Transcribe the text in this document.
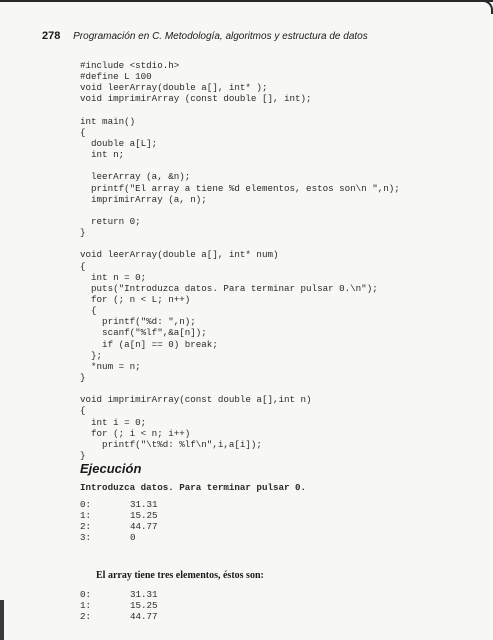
278 Programación en C. Metodología, algoritmos y estructura de datos
#include <stdio.h>
#define L 100
void leerArray(double a[], int* );
void imprimirArray (const double [], int);
int main()
{
double a[L];
int n;
leerArray (a, &n);
printf("El array a tiene %d elementos, estos son\n ",n);
imprimirArray (a, n);
return 0;
}
void leerArray(double a[], int* num)
{
int n = 0;
puts("Introduzca datos. Para terminar pulsar 0.\n");
for (; n < L; n++)
{
printf("%d: ",n);
scanf("%lf",&a[n]);
if (a[n] == 0) break;
};
*num = n;
}
void imprimirArray(const double a[],int n)
{
int i = 0;
for (; i < n; i++)
printf("\t%d: %lf\n",i,a[i]);
}
Ejecución
Introduzca datos. Para terminar pulsar 0.
0:	31.31
1:	15.25
2:	44.77
3:	0
El array tiene tres elementos, éstos son:
0:	31.31
1:	15.25
2:	44.77
